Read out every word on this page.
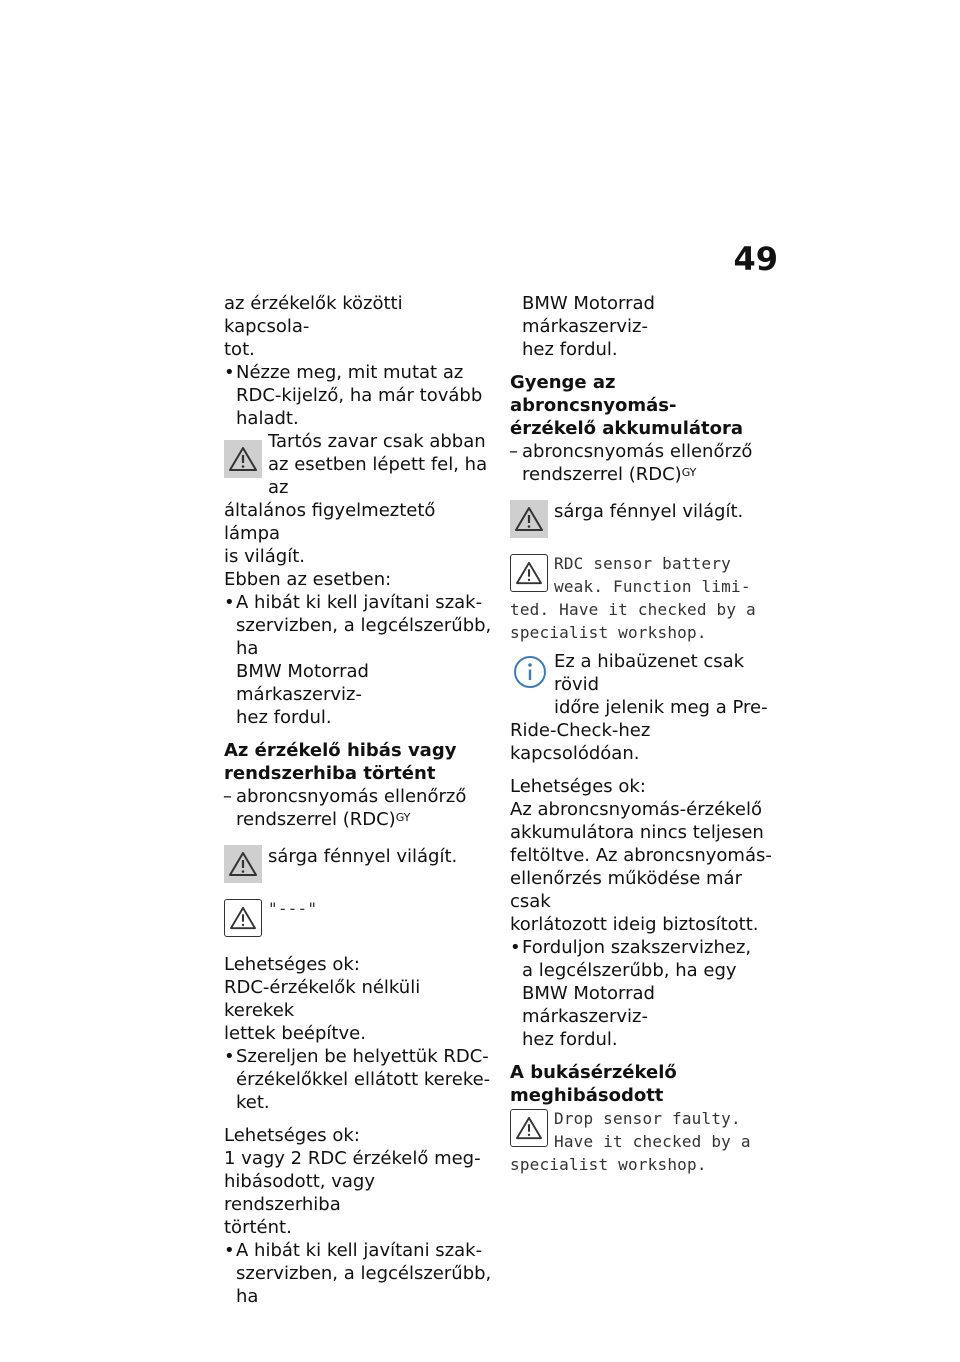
49

az érzékelők közötti kapcsola-
tot.

• Nézze meg, mit mutat az
RDC-kijelző, ha már tovább
haladt.
Tartós zavar csak abban
az esetben lépett fel, ha az
általános figyelmeztető lámpa
is világít.

Ebben az esetben:

• A hibát ki kell javítani szak-
szervizben, a legcélszerűbb, ha
BMW Motorrad márkaszerviz-
hez fordul.
Az érzékelő hibás vagy
rendszerhiba történt
– abroncsnyomás ellenőrző
rendszerrel (RDC)$^{GY}$
sárga fénnyel világít.
"---"

Lehetséges ok:
RDC-érzékelők nélküli kerekek
lettek beépítve.

• Szereljen be helyettük RDC-
érzékelőkkel ellátott kereke-
ket.

Lehetséges ok:
1 vagy 2 RDC érzékelő meg-
hibásodott, vagy rendszerhiba
történt.

• A hibát ki kell javítani szak-
szervizben, a legcélszerűbb, ha
BMW Motorrad márkaszerviz-
hez fordul.
Gyenge az abroncsnyomás-
érzékelő akkumulátora
– abroncsnyomás ellenőrző
rendszerrel (RDC)$^{GY}$
sárga fénnyel világít.
RDC sensor battery
weak. Function limi-
ted. Have it checked by a
specialist workshop.
Ez a hibaüzenet csak rövid
időre jelenik meg a Pre-
Ride-Check-hez kapcsolódóan.

Lehetséges ok:
Az abroncsnyomás-érzékelő
akkumulátora nincs teljesen
feltöltve. Az abroncsnyomás-
ellenőrzés működése már csak
korlátozott ideig biztosított.

• Forduljon szakszervizhez,
a legcélszerűbb, ha egy
BMW Motorrad márkaszerviz-
hez fordul.
A bukásérzékelő
meghibásodott
Drop sensor faulty.
Have it checked by a
specialist workshop.
